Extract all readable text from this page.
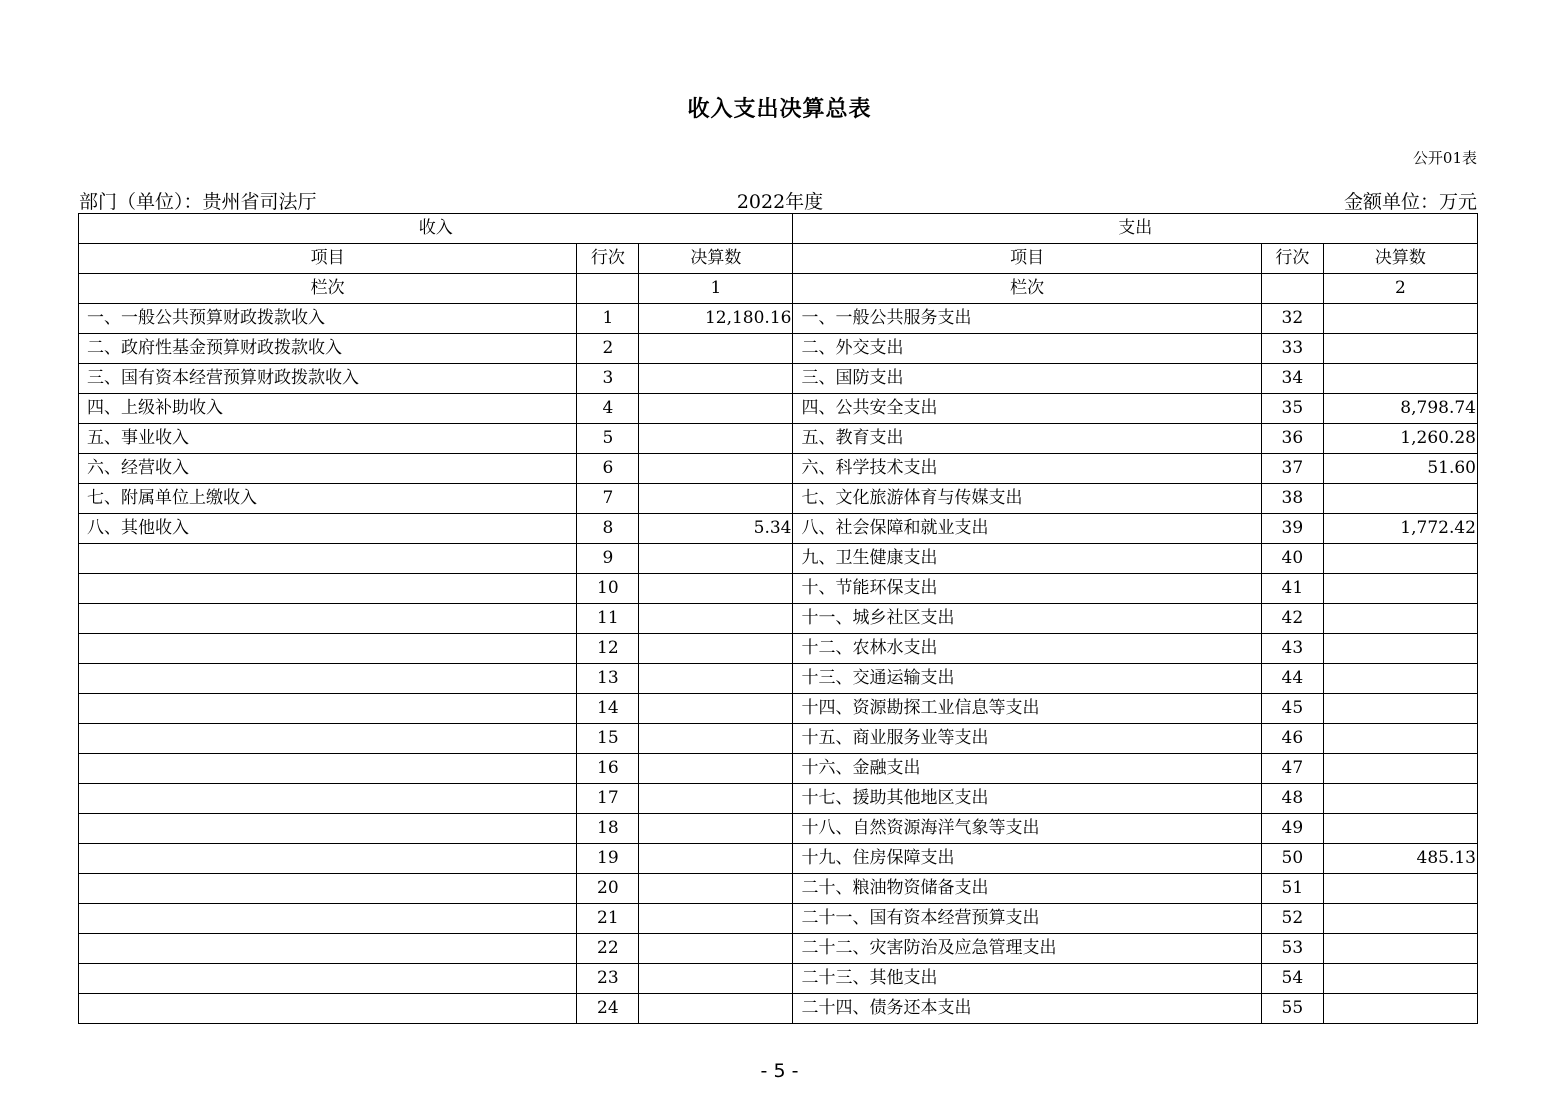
收入支出决算总表
公开01表
部门（单位）：贵州省司法厅	2022年度	金额单位：万元
收入			支出		
项目	行次	决算数	项目	行次	决算数
栏次		1	栏次		2
一、一般公共预算财政拨款收入	1	12,180.16	一、一般公共服务支出	32	
二、政府性基金预算财政拨款收入	2		二、外交支出	33	
三、国有资本经营预算财政拨款收入	3		三、国防支出	34	
四、上级补助收入	4		四、公共安全支出	35	8,798.74
五、事业收入	5		五、教育支出	36	1,260.28
六、经营收入	6		六、科学技术支出	37	51.60
七、附属单位上缴收入	7		七、文化旅游体育与传媒支出	38	
八、其他收入	8	5.34	八、社会保障和就业支出	39	1,772.42
	9		九、卫生健康支出	40	
	10		十、节能环保支出	41	
	11		十一、城乡社区支出	42	
	12		十二、农林水支出	43	
	13		十三、交通运输支出	44	
	14		十四、资源勘探工业信息等支出	45	
	15		十五、商业服务业等支出	46	
	16		十六、金融支出	47	
	17		十七、援助其他地区支出	48	
	18		十八、自然资源海洋气象等支出	49	
	19		十九、住房保障支出	50	485.13
	20		二十、粮油物资储备支出	51	
	21		二十一、国有资本经营预算支出	52	
	22		二十二、灾害防治及应急管理支出	53	
	23		二十三、其他支出	54	
	24		二十四、债务还本支出	55	
- 5 -
